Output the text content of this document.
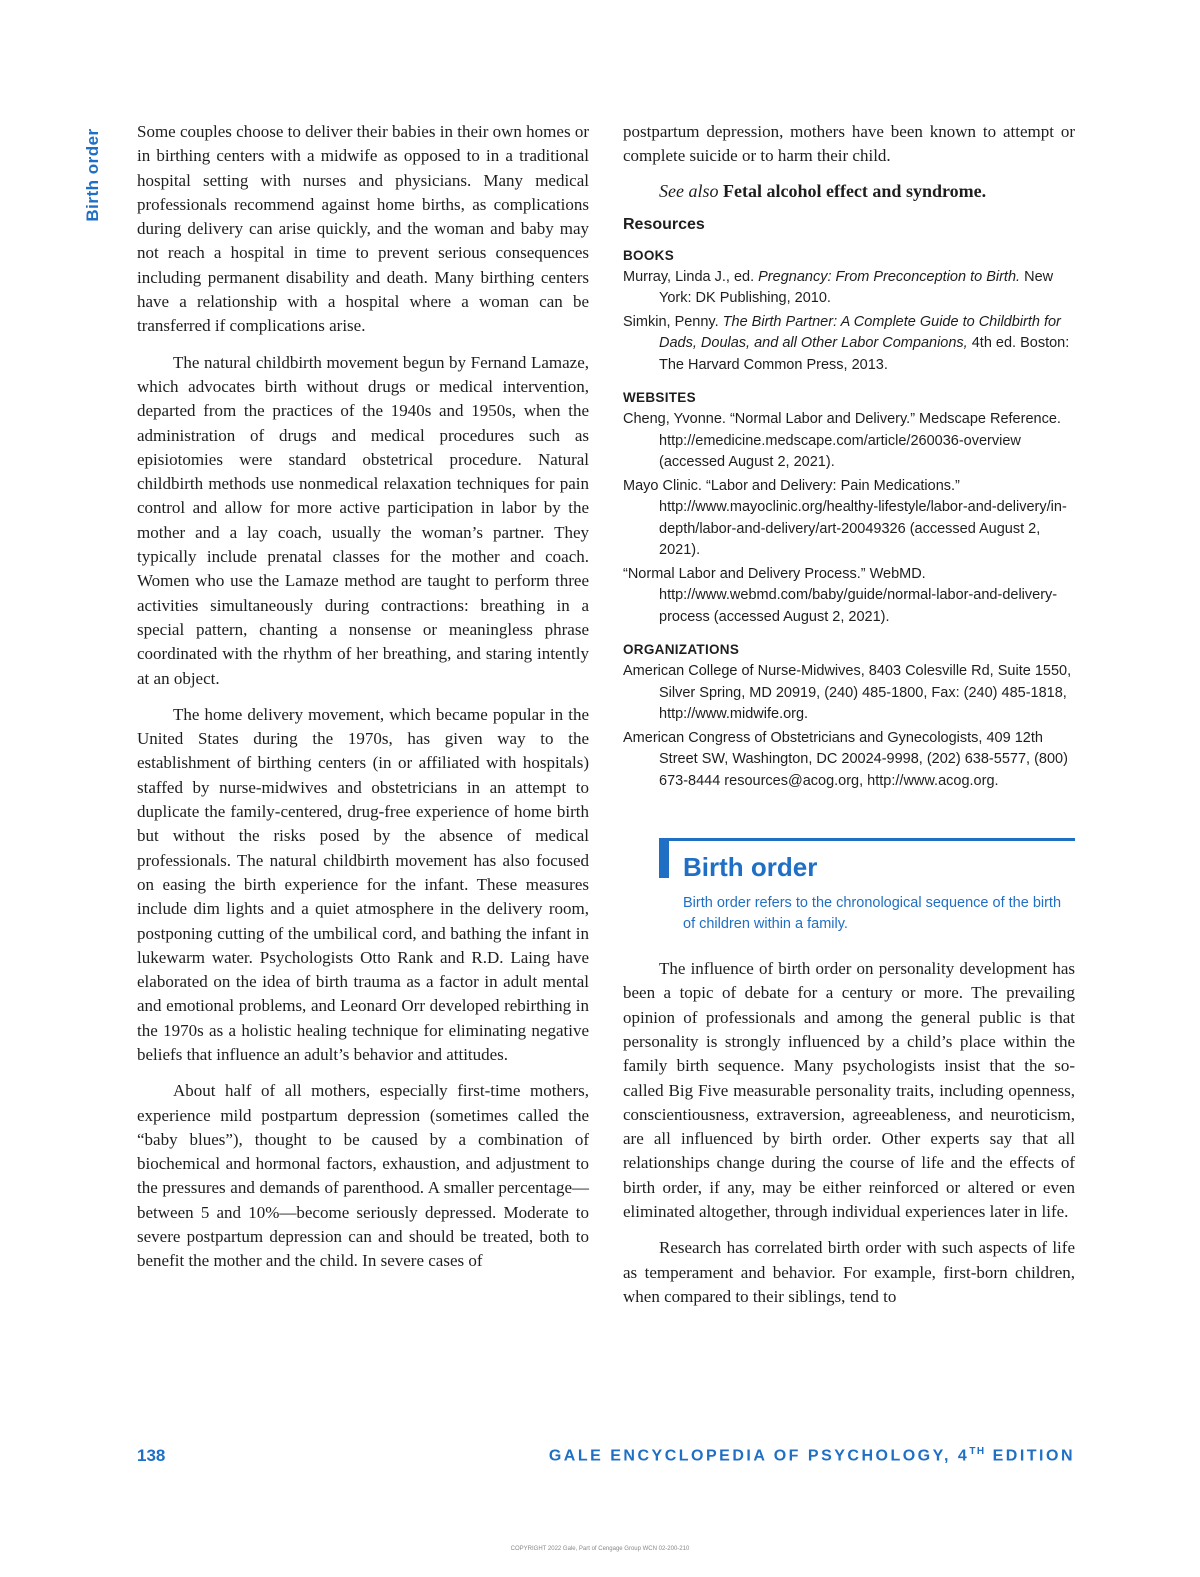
Birth order Some couples choose to deliver their babies in their own homes or in birthing centers with a midwife as opposed to in a traditional hospital setting with nurses and physicians. Many medical professionals recommend against home births, as complications during delivery can arise quickly, and the woman and baby may not reach a hospital in time to prevent serious consequences including permanent disability and death. Many birthing centers have a relationship with a hospital where a woman can be transferred if complications arise.

The natural childbirth movement begun by Fernand Lamaze, which advocates birth without drugs or medical intervention, departed from the practices of the 1940s and 1950s, when the administration of drugs and medical procedures such as episiotomies were standard obstetrical procedure. Natural childbirth methods use nonmedical relaxation techniques for pain control and allow for more active participation in labor by the mother and a lay coach, usually the woman’s partner. They typically include prenatal classes for the mother and coach. Women who use the Lamaze method are taught to perform three activities simultaneously during contractions: breathing in a special pattern, chanting a nonsense or meaningless phrase coordinated with the rhythm of her breathing, and staring intently at an object.

The home delivery movement, which became popular in the United States during the 1970s, has given way to the establishment of birthing centers (in or affiliated with hospitals) staffed by nurse-midwives and obstetricians in an attempt to duplicate the family-centered, drug-free experience of home birth but without the risks posed by the absence of medical professionals. The natural childbirth movement has also focused on easing the birth experience for the infant. These measures include dim lights and a quiet atmosphere in the delivery room, postponing cutting of the umbilical cord, and bathing the infant in lukewarm water. Psychologists Otto Rank and R.D. Laing have elaborated on the idea of birth trauma as a factor in adult mental and emotional problems, and Leonard Orr developed rebirthing in the 1970s as a holistic healing technique for eliminating negative beliefs that influence an adult’s behavior and attitudes.

About half of all mothers, especially first-time mothers, experience mild postpartum depression (sometimes called the “baby blues”), thought to be caused by a combination of biochemical and hormonal factors, exhaustion, and adjustment to the pressures and demands of parenthood. A smaller percentage—between 5 and 10%—become seriously depressed. Moderate to severe postpartum depression can and should be treated, both to benefit the mother and the child. In severe cases of

postpartum depression, mothers have been known to attempt or complete suicide or to harm their child.

See also Fetal alcohol effect and syndrome.
Resources
BOOKS
Murray, Linda J., ed. Pregnancy: From Preconception to Birth. New York: DK Publishing, 2010.
Simkin, Penny. The Birth Partner: A Complete Guide to Childbirth for Dads, Doulas, and all Other Labor Companions, 4th ed. Boston: The Harvard Common Press, 2013.
WEBSITES
Cheng, Yvonne. “Normal Labor and Delivery.” Medscape Reference. http://emedicine.medscape.com/article/260036-overview (accessed August 2, 2021).
Mayo Clinic. “Labor and Delivery: Pain Medications.” http://www.mayoclinic.org/healthy-lifestyle/labor-and-delivery/in-depth/labor-and-delivery/art-20049326 (accessed August 2, 2021).
“Normal Labor and Delivery Process.” WebMD. http://www.webmd.com/baby/guide/normal-labor-and-delivery-process (accessed August 2, 2021).
ORGANIZATIONS
American College of Nurse-Midwives, 8403 Colesville Rd, Suite 1550, Silver Spring, MD 20919, (240) 485-1800, Fax: (240) 485-1818, http://www.midwife.org.
American Congress of Obstetricians and Gynecologists, 409 12th Street SW, Washington, DC 20024-9998, (202) 638-5577, (800) 673-8444 resources@acog.org, http://www.acog.org.
Birth order
Birth order refers to the chronological sequence of the birth of children within a family.

The influence of birth order on personality development has been a topic of debate for a century or more. The prevailing opinion of professionals and among the general public is that personality is strongly influenced by a child’s place within the family birth sequence. Many psychologists insist that the so-called Big Five measurable personality traits, including openness, conscientiousness, extraversion, agreeableness, and neuroticism, are all influenced by birth order. Other experts say that all relationships change during the course of life and the effects of birth order, if any, may be either reinforced or altered or even eliminated altogether, through individual experiences later in life.

Research has correlated birth order with such aspects of life as temperament and behavior. For example, first-born children, when compared to their siblings, tend to

138	GALE ENCYCLOPEDIA OF PSYCHOLOGY, 4TH EDITION
COPYRIGHT 2022 Gale, Part of Cengage Group WCN 02-200-210
